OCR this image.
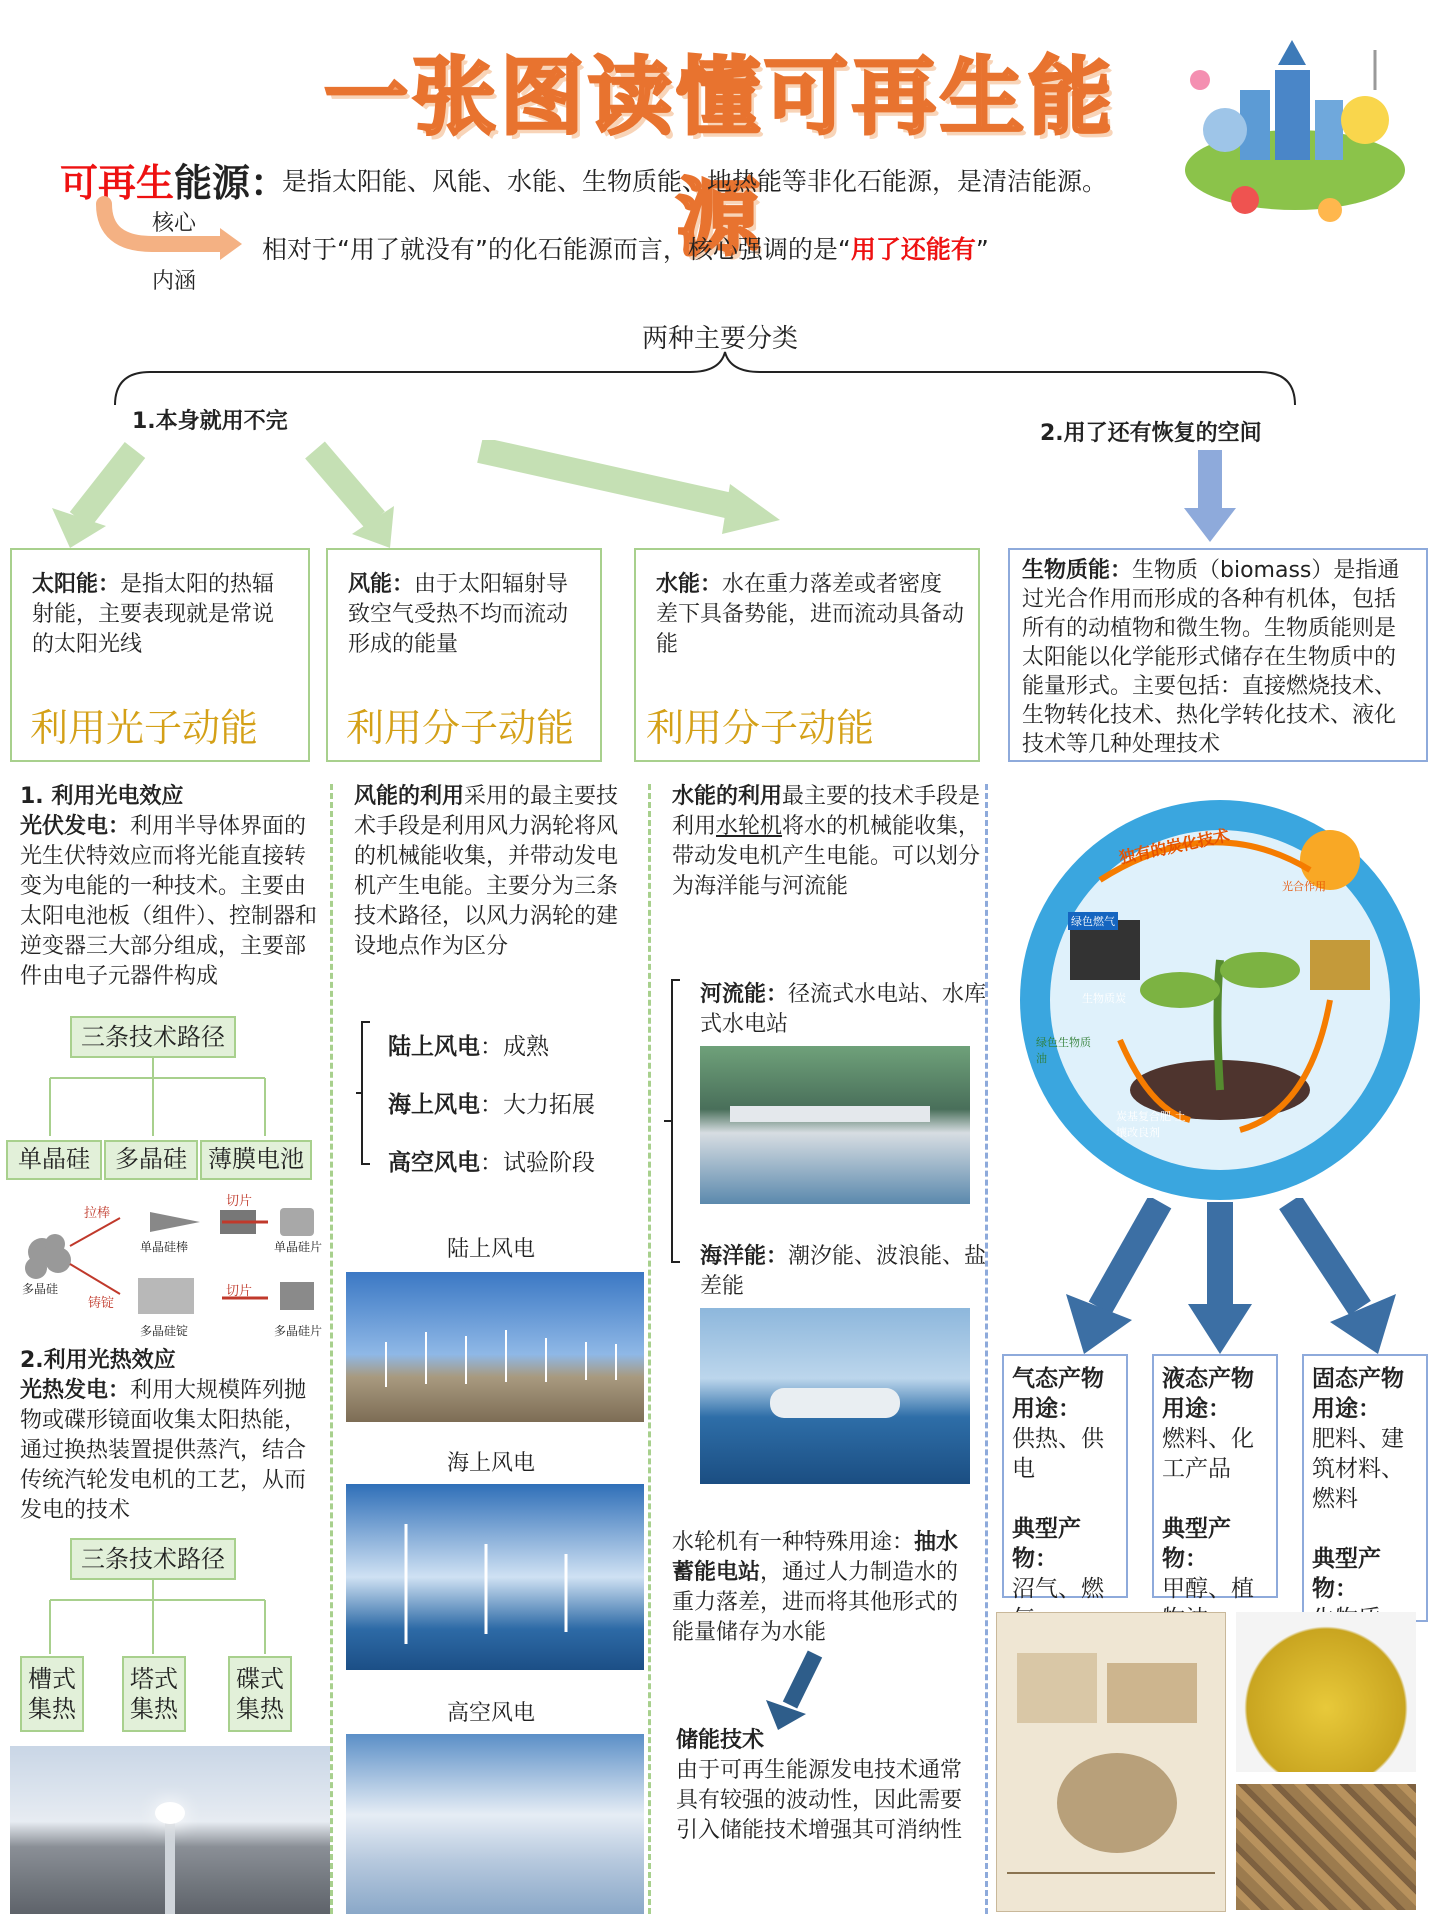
一张图读懂可再生能源
可再生能源：
是指太阳能、风能、水能、生物质能、地热能等非化石能源，是清洁能源。
核心
内涵
相对于“用了就没有”的化石能源而言，核心强调的是“用了还能有”
两种主要分类
1.本身就用不完	2.用了还有恢复的空间
太阳能：是指太阳的热辐射能，主要表现就是常说的太阳光线
利用光子动能
风能：由于太阳辐射导致空气受热不均而流动形成的能量
利用分子动能
水能：水在重力落差或者密度差下具备势能，进而流动具备动能
利用分子动能
生物质能：生物质（biomass）是指通过光合作用而形成的各种有机体，包括所有的动植物和微生物。生物质能则是太阳能以化学能形式储存在生物质中的能量形式。主要包括：直接燃烧技术、生物转化技术、热化学转化技术、液化技术等几种处理技术
1. 利用光电效应
光伏发电：利用半导体界面的光生伏特效应而将光能直接转变为电能的一种技术。主要由太阳电池板（组件）、控制器和逆变器三大部分组成，主要部件由电子元器件构成
三条技术路径
单晶硅	多晶硅 薄膜电池
拉棒
切片
铸锭
切片
单晶硅棒	单晶硅片
多晶硅
多晶硅锭	多晶硅片
2.利用光热效应
光热发电：利用大规模阵列抛物或碟形镜面收集太阳热能，通过换热装置提供蒸汽，结合传统汽轮发电机的工艺，从而发电的技术
三条技术路径
槽式集热
塔式集热
碟式集热
风能的利用采用的最主要技术手段是利用风力涡轮将风的机械能收集，并带动发电机产生电能。主要分为三条技术路径，以风力涡轮的建设地点作为区分
陆上风电：成熟
海上风电：大力拓展
高空风电：试验阶段
陆上风电
海上风电
高空风电
水能的利用最主要的技术手段是利用水轮机将水的机械能收集，带动发电机产生电能。可以划分为海洋能与河流能
河流能：径流式水电站、水库式水电站
海洋能：潮汐能、波浪能、盐差能
水轮机有一种特殊用途：抽水蓄能电站，通过人力制造水的重力落差，进而将其他形式的能量储存为水能
储能技术
由于可再生能源发电技术通常具有较强的波动性，因此需要引入储能技术增强其可消纳性
独有的炭化技术
绿色燃气
生物质炭
绿色生物质油
光合作用
炭基复合肥 土壤改良剂
气态产物
用途：
供热、供电

典型产物：
沼气、燃
液态产物
用途：
燃料、化工产品

典型产物：
甲醇、植
固态产物
用途：
肥料、建筑材料、燃料

典型产物：
